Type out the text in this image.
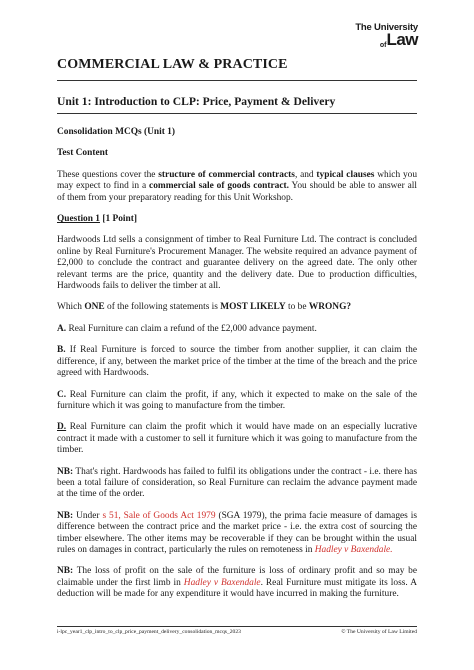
The University
ofLaw
COMMERCIAL LAW & PRACTICE
Unit 1: Introduction to CLP: Price, Payment & Delivery

Consolidation MCQs (Unit 1)

Test Content

These questions cover the structure of commercial contracts, and typical clauses which you may expect to find in a commercial sale of goods contract. You should be able to answer all of them from your preparatory reading for this Unit Workshop.

Question 1 [1 Point]

Hardwoods Ltd sells a consignment of timber to Real Furniture Ltd. The contract is concluded online by Real Furniture's Procurement Manager. The website required an advance payment of £2,000 to conclude the contract and guarantee delivery on the agreed date. The only other relevant terms are the price, quantity and the delivery date. Due to production difficulties, Hardwoods fails to deliver the timber at all.

Which ONE of the following statements is MOST LIKELY to be WRONG?

A. Real Furniture can claim a refund of the £2,000 advance payment.

B. If Real Furniture is forced to source the timber from another supplier, it can claim the difference, if any, between the market price of the timber at the time of the breach and the price agreed with Hardwoods.

C. Real Furniture can claim the profit, if any, which it expected to make on the sale of the furniture which it was going to manufacture from the timber.

D. Real Furniture can claim the profit which it would have made on an especially lucrative contract it made with a customer to sell it furniture which it was going to manufacture from the timber.

NB: That's right. Hardwoods has failed to fulfil its obligations under the contract - i.e. there has been a total failure of consideration, so Real Furniture can reclaim the advance payment made at the time of the order.

NB: Under s 51, Sale of Goods Act 1979 (SGA 1979), the prima facie measure of damages is difference between the contract price and the market price - i.e. the extra cost of sourcing the timber elsewhere. The other items may be recoverable if they can be brought within the usual rules on damages in contract, particularly the rules on remoteness in Hadley v Baxendale.

NB: The loss of profit on the sale of the furniture is loss of ordinary profit and so may be claimable under the first limb in Hadley v Baxendale. Real Furniture must mitigate its loss. A deduction will be made for any expenditure it would have incurred in making the furniture.

i-lpc_year1_clp_intro_to_clp_price_payment_delivery_consolidation_mcqs_2023	© The University of Law Limited
